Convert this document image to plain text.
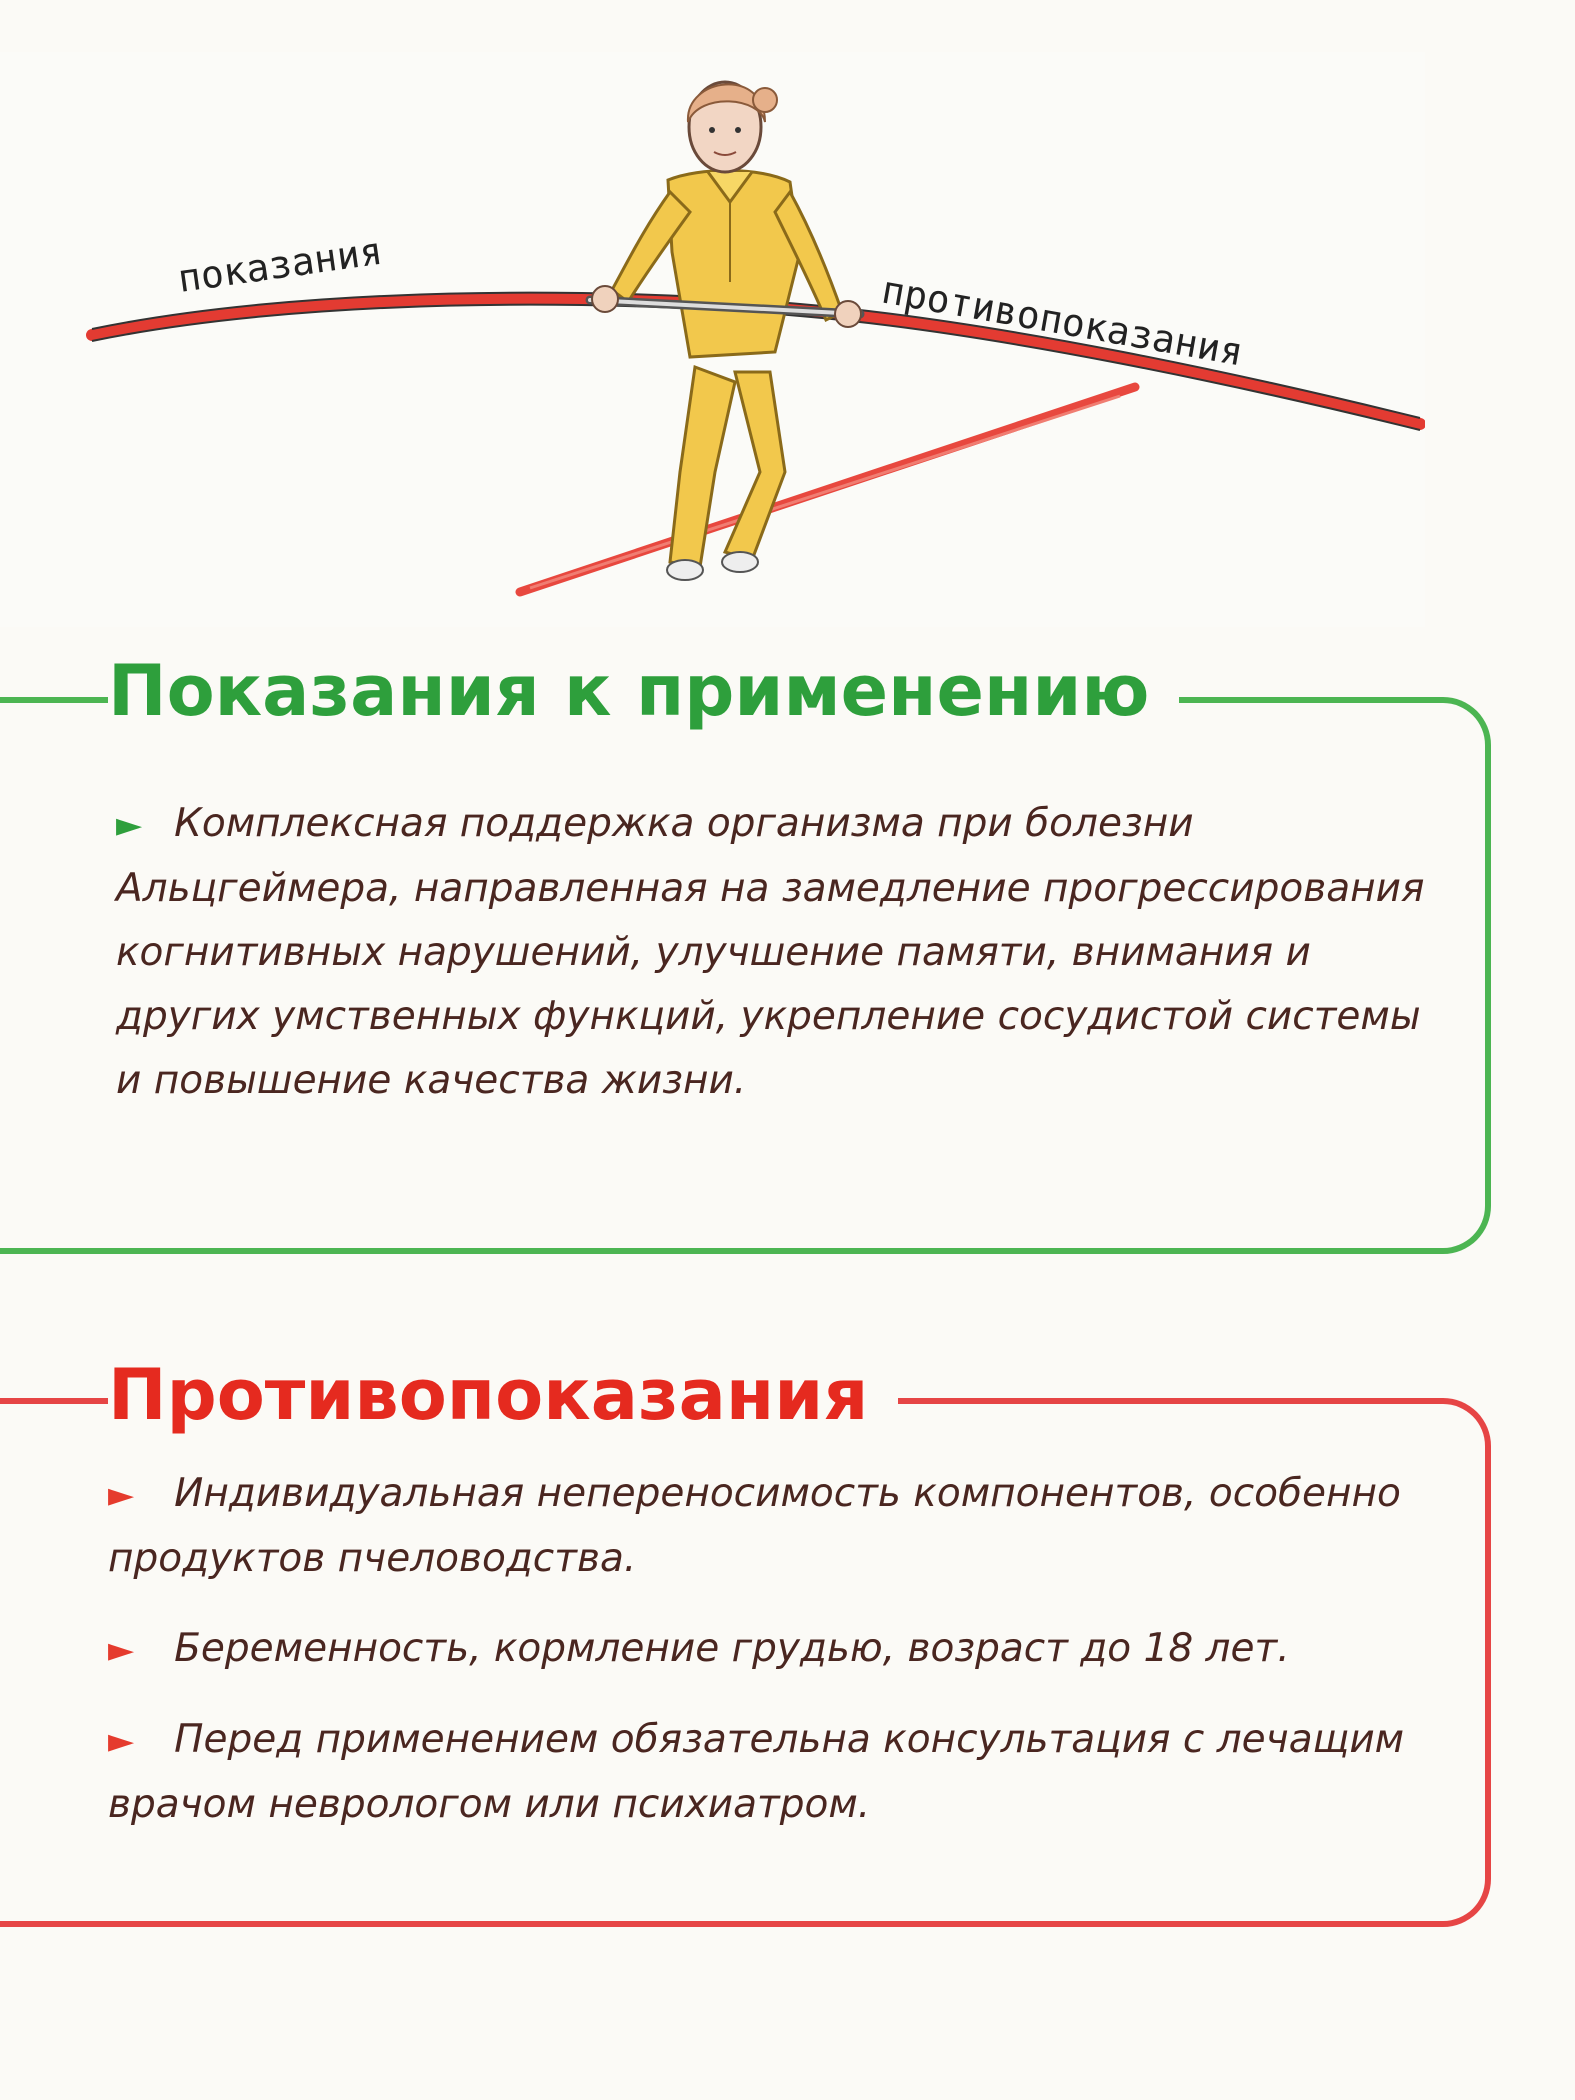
показания
противопоказания
Показания к применению
► Комплексная поддержка организма при болезни Альцгеймера, направленная на замедление прогрессирования когнитивных нарушений, улучшение памяти, внимания и других умственных функций, укрепление сосудистой системы и повышение качества жизни.
Противопоказания
► Индивидуальная непереносимость компонентов, особенно продуктов пчеловодства.
► Беременность, кормление грудью, возраст до 18 лет.
► Перед применением обязательна консультация с лечащим врачом неврологом или психиатром.
